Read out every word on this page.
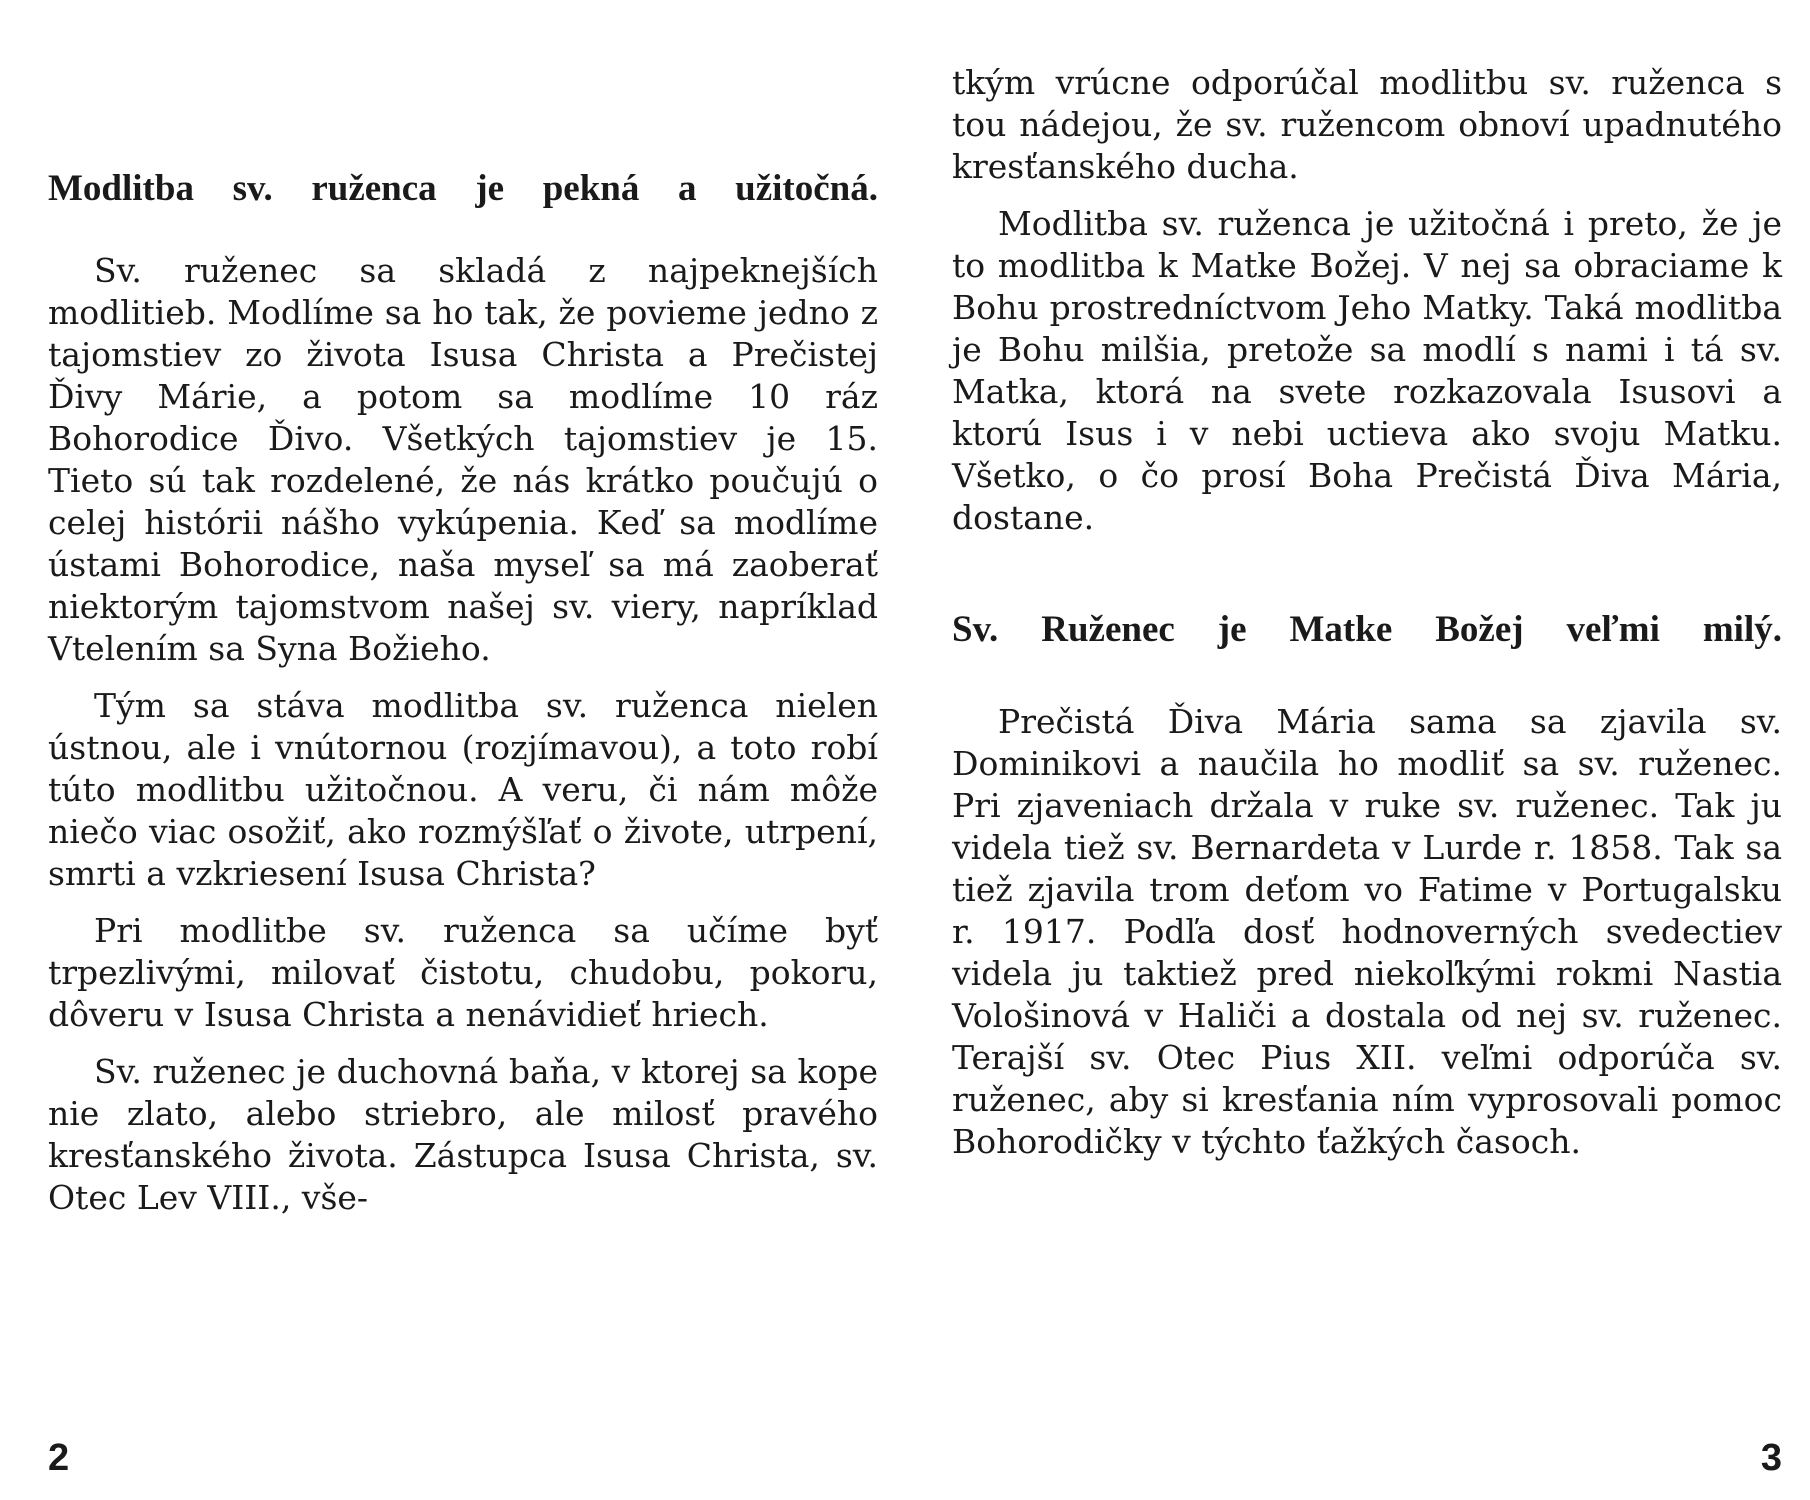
Modlitba sv. ruženca je pekná a užitočná.

Sv. ruženec sa skladá z najpeknejších modlitieb. Modlíme sa ho tak, že povieme jedno z tajomstiev zo života Isusa Christa a Prečistej Ďivy Márie, a potom sa modlíme 10 ráz Bohorodice Ďivo. Všetkých tajomstiev je 15. Tieto sú tak rozdelené, že nás krátko poučujú o celej histórii nášho vykúpenia. Keď sa modlíme ústami Bohorodice, naša myseľ sa má zaoberať niektorým tajomstvom našej sv. viery, napríklad Vtelením sa Syna Božieho.

Tým sa stáva modlitba sv. ruženca nielen ústnou, ale i vnútornou (rozjímavou), a toto robí túto modlitbu užitočnou. A veru, či nám môže niečo viac osožiť, ako rozmýšľať o živote, utrpení, smrti a vzkriesení Isusa Christa?

Pri modlitbe sv. ruženca sa učíme byť trpezlivými, milovať čistotu, chudobu, pokoru, dôveru v Isusa Christa a nenávidieť hriech.

Sv. ruženec je duchovná baňa, v ktorej sa kope nie zlato, alebo striebro, ale milosť pravého kresťanského života. Zástupca Isusa Christa, sv. Otec Lev VIII., vše-

2

tkým vrúcne odporúčal modlitbu sv. ruženca s tou nádejou, že sv. ružencom obnoví upadnutého kresťanského ducha.

Modlitba sv. ruženca je užitočná i preto, že je to modlitba k Matke Božej. V nej sa obraciame k Bohu prostredníctvom Jeho Matky. Taká modlitba je Bohu milšia, pretože sa modlí s nami i tá sv. Matka, ktorá na svete rozkazovala Isusovi a ktorú Isus i v nebi uctieva ako svoju Matku. Všetko, o čo prosí Boha Prečistá Ďiva Mária, dostane.

Sv. Ruženec je Matke Božej veľmi milý.

Prečistá Ďiva Mária sama sa zjavila sv. Dominikovi a naučila ho modliť sa sv. ruženec. Pri zjaveniach držala v ruke sv. ruženec. Tak ju videla tiež sv. Bernardeta v Lurde r. 1858. Tak sa tiež zjavila trom deťom vo Fatime v Portugalsku r. 1917. Podľa dosť hodnoverných svedectiev videla ju taktiež pred niekoľkými rokmi Nastia Vološinová v Haliči a dostala od nej sv. ruženec. Terajší sv. Otec Pius XII. veľmi odporúča sv. ruženec, aby si kresťania ním vyprosovali pomoc Bohorodičky v týchto ťažkých časoch.

3
